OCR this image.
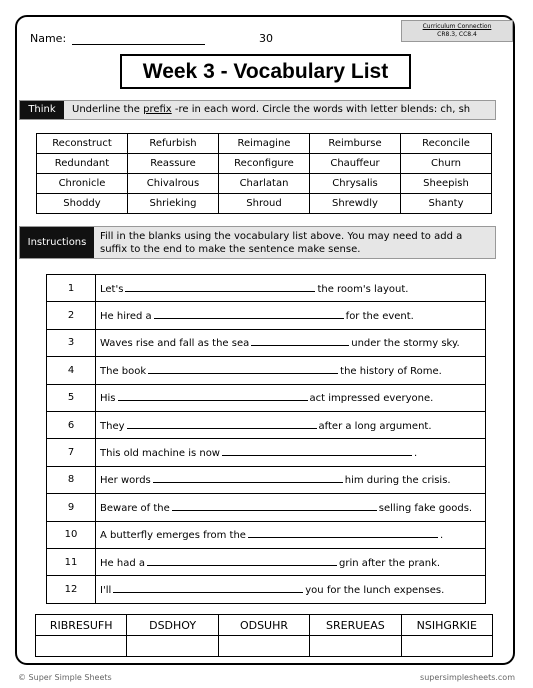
Name:	30
Curriculum Connection
CR8.3, CC8.4
Week 3 - Vocabulary List
Think	Underline the prefix -re in each word. Circle the words with letter blends: ch, sh
Reconstruct	Refurbish	Reimagine	Reimburse	Reconcile
Redundant	Reassure	Reconfigure	Chauffeur	Churn
Chronicle	Chivalrous	Charlatan	Chrysalis	Sheepish
Shoddy	Shrieking	Shroud	Shrewdly	Shanty
Instructions
Fill in the blanks using the vocabulary list above. You may need to add a suffix to the end to make the sentence make sense.
1	Let's the room's layout.
2	He hired a for the event.
3	Waves rise and fall as the sea under the stormy sky.
4	The book the history of Rome.
5	His act impressed everyone.
6	They after a long argument.
7	This old machine is now .
8	Her words him during the crisis.
9	Beware of the selling fake goods.
10	A butterfly emerges from the .
11	He had a grin after the prank.
12	I'll you for the lunch expenses.
RIBRESUFH	DSDHOY	ODSUHR	SRERUEAS	NSIHGRKIE

© Super Simple Sheets	supersimplesheets.com
